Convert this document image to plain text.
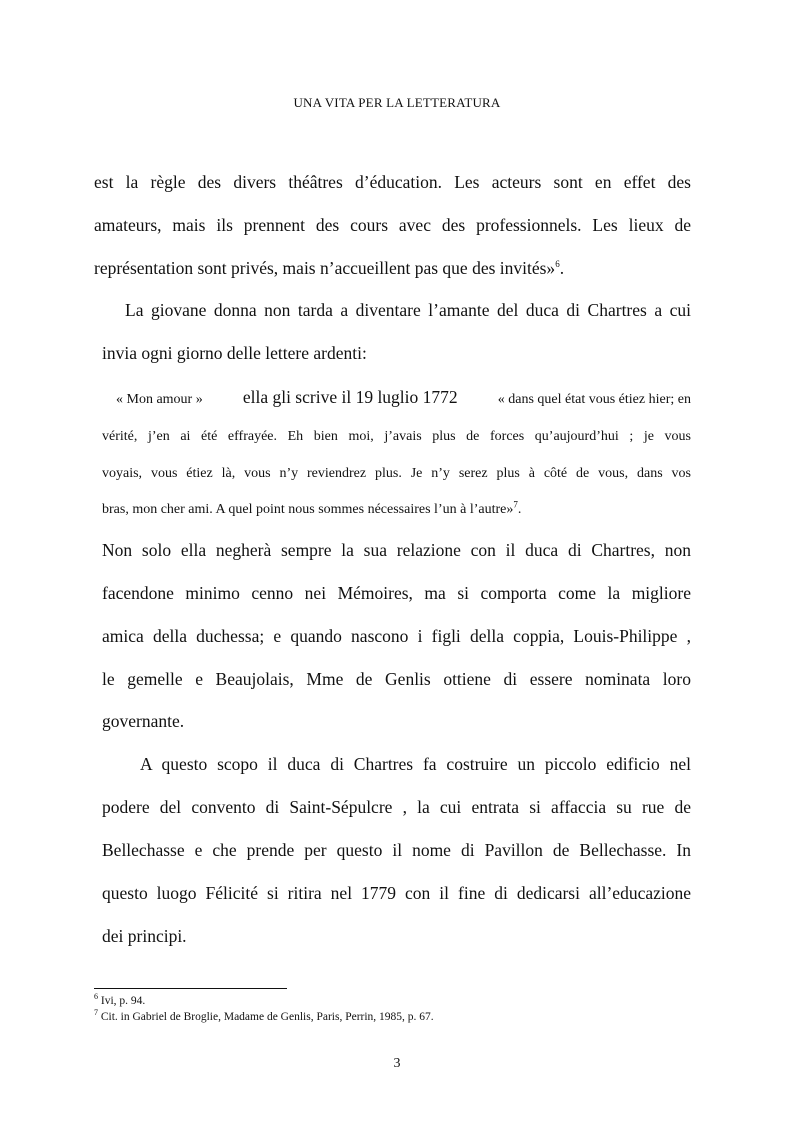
UNA VITA PER LA LETTERATURA
est la règle des divers théâtres d’éducation. Les acteurs sont en effet des
amateurs, mais ils prennent des cours avec des professionnels. Les lieux de
représentation sont privés, mais n’accueillent pas que des invités»$^6$.
La giovane donna non tarda a diventare l’amante del duca di Chartres a cui
invia ogni giorno delle lettere ardenti:
« Mon amour » ella gli scrive il 19 luglio 1772	« dans quel état vous étiez hier; en
vérité, j’en ai été effrayée. Eh bien moi, j’avais plus de forces qu’aujourd’hui ; je vous
voyais, vous étiez là, vous n’y reviendrez plus. Je n’y serez plus à côté de vous, dans vos
bras, mon cher ami. A quel point nous sommes nécessaires l’un à l’autre»$^7$.
Non solo ella negherà sempre la sua relazione con il duca di Chartres, non
facendone minimo cenno nei Mémoires, ma si comporta come la migliore
amica della duchessa; e quando nascono i figli della coppia, Louis-Philippe ,
le gemelle e Beaujolais, Mme de Genlis ottiene di essere nominata loro
governante.
A questo scopo il duca di Chartres fa costruire un piccolo edificio nel
podere del convento di Saint-Sépulcre , la cui entrata si affaccia su rue de
Bellechasse e che prende per questo il nome di Pavillon de Bellechasse. In
questo luogo Félicité si ritira nel 1779 con il fine di dedicarsi all’educazione
dei principi.
$^6$ Ivi, p. 94.
$^7$ Cit. in Gabriel de Broglie, Madame de Genlis, Paris, Perrin, 1985, p. 67.
3
